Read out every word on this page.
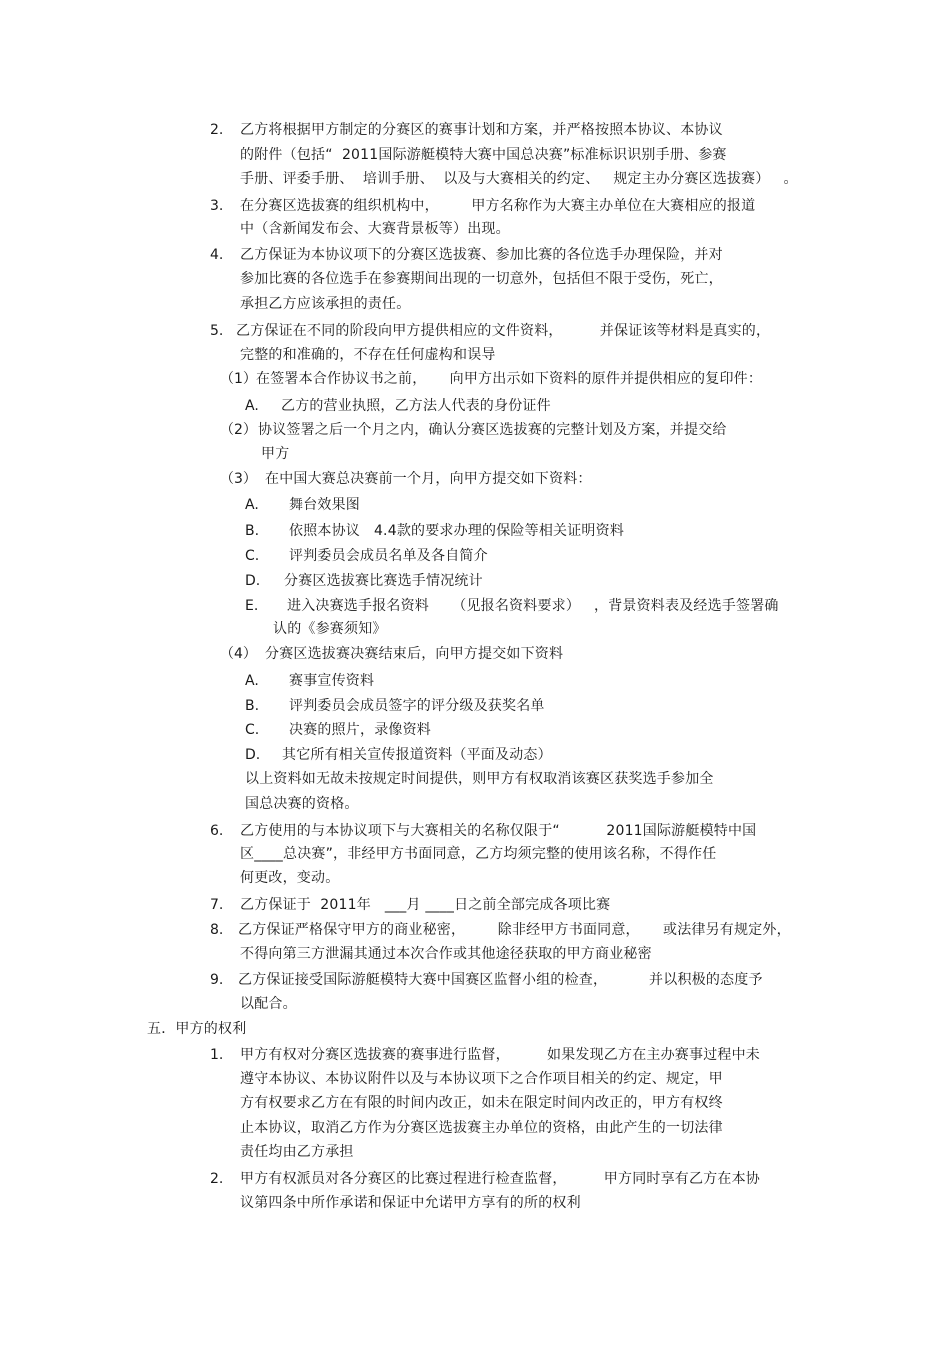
2. 乙方将根据甲方制定的分赛区的赛事计划和方案，并严格按照本协议、本协议
的附件（包括“  2011国际游艇模特大赛中国总决赛”标准标识识别手册、参赛
手册、评委手册、  培训手册、  以及与大赛相关的约定、   规定主办分赛区选拔赛）   。
3. 在分赛区选拔赛的组织机构中，       甲方名称作为大赛主办单位在大赛相应的报道
中（含新闻发布会、大赛背景板等）出现。
4. 乙方保证为本协议项下的分赛区选拔赛、参加比赛的各位选手办理保险，并对
参加比赛的各位选手在参赛期间出现的一切意外，包括但不限于受伤，死亡，
承担乙方应该承担的责任。
5. 乙方保证在不同的阶段向甲方提供相应的文件资料，        并保证该等材料是真实的，
完整的和准确的，不存在任何虚构和误导
（1） 在签署本合作协议书之前，     向甲方出示如下资料的原件并提供相应的复印件：
A. 乙方的营业执照，乙方法人代表的身份证件
（2） 协议签署之后一个月之内，确认分赛区选拔赛的完整计划及方案，并提交给
甲方
（3） 在中国大赛总决赛前一个月，向甲方提交如下资料：
A. 舞台效果图
B. 依照本协议   4.4款的要求办理的保险等相关证明资料
C. 评判委员会成员名单及各自简介
D. 分赛区选拔赛比赛选手情况统计
E. 进入决赛选手报名资料     （见报名资料要求）   ，背景资料表及经选手签署确
认的《参赛须知》
（4） 分赛区选拔赛决赛结束后，向甲方提交如下资料
A. 赛事宣传资料
B. 评判委员会成员签字的评分级及获奖名单
C. 决赛的照片，录像资料
D. 其它所有相关宣传报道资料（平面及动态）
以上资料如无故未按规定时间提供，则甲方有权取消该赛区获奖选手参加全
国总决赛的资格。
6. 乙方使用的与本协议项下与大赛相关的名称仅限于“          2011国际游艇模特中国
区____总决赛”，非经甲方书面同意，乙方均须完整的使用该名称，不得作任
何更改，变动。
7. 乙方保证于  2011年   ___月 ____日之前全部完成各项比赛
8. 乙方保证严格保守甲方的商业秘密，       除非经甲方书面同意，     或法律另有规定外，
不得向第三方泄漏其通过本次合作或其他途径获取的甲方商业秘密
9. 乙方保证接受国际游艇模特大赛中国赛区监督小组的检查，         并以积极的态度予
以配合。
五．甲方的权利
1. 甲方有权对分赛区选拔赛的赛事进行监督，        如果发现乙方在主办赛事过程中未
遵守本协议、本协议附件以及与本协议项下之合作项目相关的约定、规定，甲
方有权要求乙方在有限的时间内改正，如未在限定时间内改正的，甲方有权终
止本协议，取消乙方作为分赛区选拔赛主办单位的资格，由此产生的一切法律
责任均由乙方承担
2. 甲方有权派员对各分赛区的比赛过程进行检查监督，        甲方同时享有乙方在本协
议第四条中所作承诺和保证中允诺甲方享有的所的权利
